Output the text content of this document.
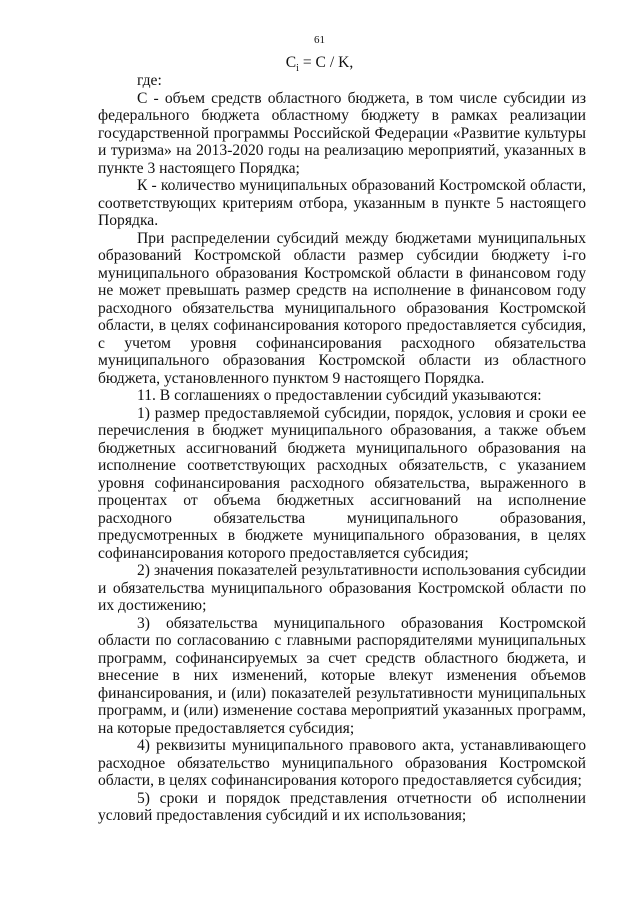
61
$C_i = C / K$,

где:

С - объем средств областного бюджета, в том числе субсидии из федерального бюджета областному бюджету в рамках реализации государственной программы Российской Федерации «Развитие культуры и туризма» на 2013-2020 годы на реализацию мероприятий, указанных в пункте 3 настоящего Порядка;

К - количество муниципальных образований Костромской области, соответствующих критериям отбора, указанным в пункте 5 настоящего Порядка.

При распределении субсидий между бюджетами муниципальных образований Костромской области размер субсидии бюджету i-го муниципального образования Костромской области в финансовом году не может превышать размер средств на исполнение в финансовом году расходного обязательства муниципального образования Костромской области, в целях софинансирования которого предоставляется субсидия, с учетом уровня софинансирования расходного обязательства муниципального образования Костромской области из областного бюджета, установленного пунктом 9 настоящего Порядка.

11. В соглашениях о предоставлении субсидий указываются:

1) размер предоставляемой субсидии, порядок, условия и сроки ее перечисления в бюджет муниципального образования, а также объем бюджетных ассигнований бюджета муниципального образования на исполнение соответствующих расходных обязательств, с указанием уровня софинансирования расходного обязательства, выраженного в процентах от объема бюджетных ассигнований на исполнение расходного обязательства муниципального образования, предусмотренных в бюджете муниципального образования, в целях софинансирования которого предоставляется субсидия;

2) значения показателей результативности использования субсидии и обязательства муниципального образования Костромской области по их достижению;

3) обязательства муниципального образования Костромской области по согласованию с главными распорядителями муниципальных программ, софинансируемых за счет средств областного бюджета, и внесение в них изменений, которые влекут изменения объемов финансирования, и (или) показателей результативности муниципальных программ, и (или) изменение состава мероприятий указанных программ, на которые предоставляется субсидия;

4) реквизиты муниципального правового акта, устанавливающего расходное обязательство муниципального образования Костромской области, в целях софинансирования которого предоставляется субсидия;

5) сроки и порядок представления отчетности об исполнении условий предоставления субсидий и их использования;
